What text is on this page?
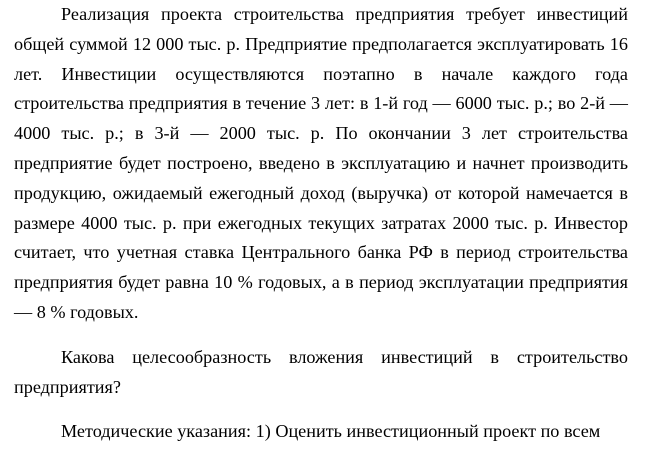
Реализация проекта строительства предприятия требует инвестиций общей суммой 12 000 тыс. р. Предприятие предполагается эксплуатировать 16 лет. Инвестиции осуществляются поэтапно в начале каждого года строительства предприятия в течение 3 лет: в 1-й год — 6000 тыс. р.; во 2-й — 4000 тыс. р.; в 3-й — 2000 тыс. р. По окончании 3 лет строительства предприятие будет построено, введено в эксплуатацию и начнет производить продукцию, ожидаемый ежегодный доход (выручка) от которой намечается в размере 4000 тыс. р. при ежегодных текущих затратах 2000 тыс. р. Инвестор считает, что учетная ставка Центрального банка РФ в период строительства предприятия будет равна 10 % годовых, а в период эксплуатации предприятия — 8 % годовых.

Какова целесообразность вложения инвестиций в строительство предприятия?

Методические указания: 1) Оценить инвестиционный проект по всем
